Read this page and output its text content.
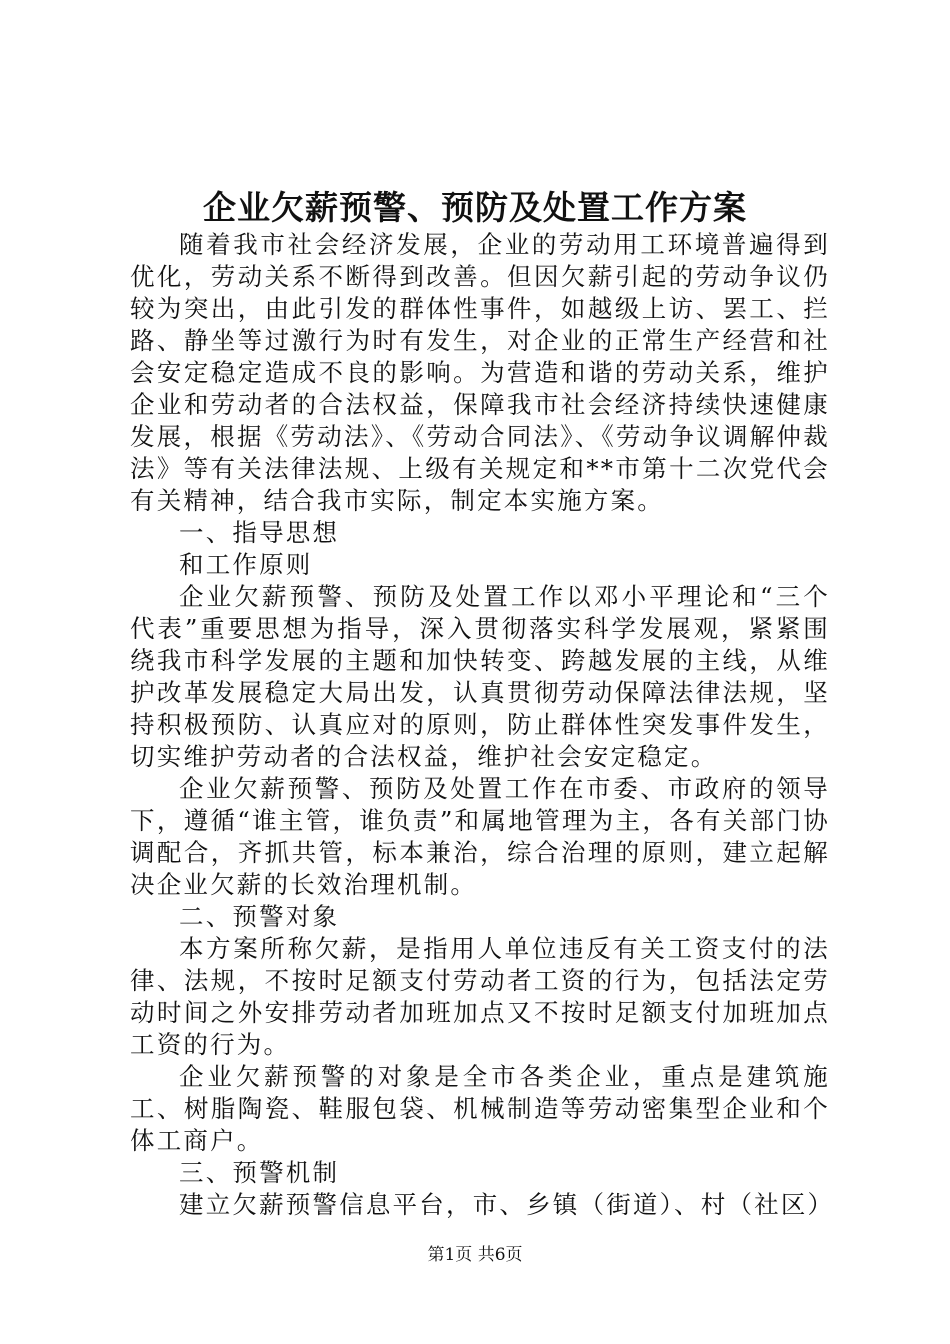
企业欠薪预警、预防及处置工作方案

随着我市社会经济发展，企业的劳动用工环境普遍得到优化，劳动关系不断得到改善。但因欠薪引起的劳动争议仍较为突出，由此引发的群体性事件，如越级上访、罢工、拦路、静坐等过激行为时有发生，对企业的正常生产经营和社会安定稳定造成不良的影响。为营造和谐的劳动关系，维护企业和劳动者的合法权益，保障我市社会经济持续快速健康发展，根据《劳动法》、《劳动合同法》、《劳动争议调解仲裁法》等有关法律法规、上级有关规定和**市第十二次党代会有关精神，结合我市实际，制定本实施方案。

一、指导思想

和工作原则

企业欠薪预警、预防及处置工作以邓小平理论和“三个代表”重要思想为指导，深入贯彻落实科学发展观，紧紧围绕我市科学发展的主题和加快转变、跨越发展的主线，从维护改革发展稳定大局出发，认真贯彻劳动保障法律法规，坚持积极预防、认真应对的原则，防止群体性突发事件发生，切实维护劳动者的合法权益，维护社会安定稳定。

企业欠薪预警、预防及处置工作在市委、市政府的领导下，遵循“谁主管，谁负责”和属地管理为主，各有关部门协调配合，齐抓共管，标本兼治，综合治理的原则，建立起解决企业欠薪的长效治理机制。

二、预警对象

本方案所称欠薪，是指用人单位违反有关工资支付的法律、法规，不按时足额支付劳动者工资的行为，包括法定劳动时间之外安排劳动者加班加点又不按时足额支付加班加点工资的行为。

企业欠薪预警的对象是全市各类企业，重点是建筑施工、树脂陶瓷、鞋服包袋、机械制造等劳动密集型企业和个体工商户。

三、预警机制

建立欠薪预警信息平台，市、乡镇（街道）、村（社区）

第1页 共6页
